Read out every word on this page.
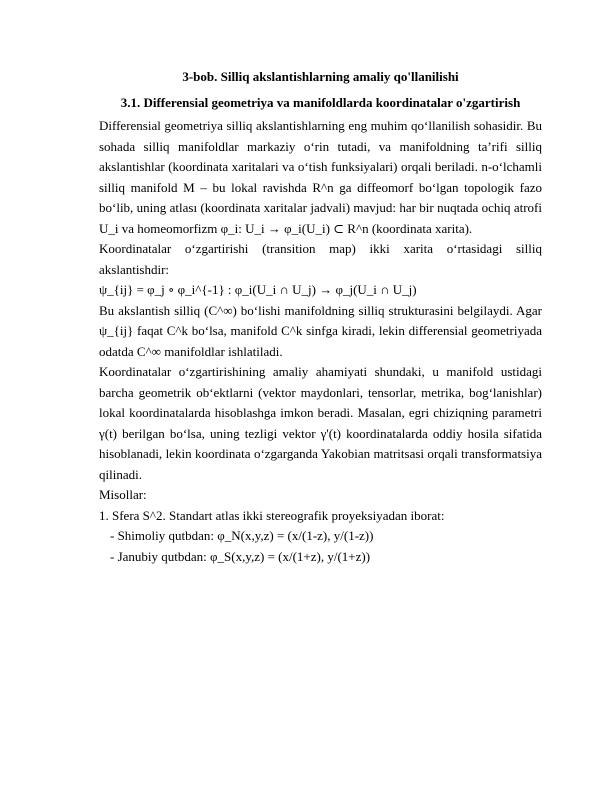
3-bob. Silliq akslantishlarning amaliy qo'llanilishi
3.1. Differensial geometriya va manifoldlarda koordinatalar o'zgartirish

Differensial geometriya silliq akslantishlarning eng muhim qo‘llanilish sohasidir. Bu sohada silliq manifoldlar markaziy o‘rin tutadi, va manifoldning ta’rifi silliq akslantishlar (koordinata xaritalari va o‘tish funksiyalari) orqali beriladi. n-o‘lchamli silliq manifold M – bu lokal ravishda R^n ga diffeomorf bo‘lgan topologik fazo bo‘lib, uning atlası (koordinata xaritalar jadvali) mavjud: har bir nuqtada ochiq atrofi U_i va homeomorfizm φ_i: U_i → φ_i(U_i) ⊂ R^n (koordinata xarita).

Koordinatalar o‘zgartirishi (transition map) ikki xarita o‘rtasidagi silliq akslantishdir:

ψ_{ij} = φ_j ∘ φ_i^{-1} : φ_i(U_i ∩ U_j) → φ_j(U_i ∩ U_j)

Bu akslantish silliq (C^∞) bo‘lishi manifoldning silliq strukturasini belgilaydi. Agar ψ_{ij} faqat C^k bo‘lsa, manifold C^k sinfga kiradi, lekin differensial geometriyada odatda C^∞ manifoldlar ishlatiladi.

Koordinatalar o‘zgartirishining amaliy ahamiyati shundaki, u manifold ustidagi barcha geometrik ob‘ektlarni (vektor maydonlari, tensorlar, metrika, bog‘lanishlar) lokal koordinatalarda hisoblashga imkon beradi. Masalan, egri chiziqning parametri γ(t) berilgan bo‘lsa, uning tezligi vektor γ'(t) koordinatalarda oddiy hosila sifatida hisoblanadi, lekin koordinata o‘zgarganda Yakobian matritsasi orqali transformatsiya qilinadi.

Misollar:

1. Sfera S^2. Standart atlas ikki stereografik proyeksiyadan iborat:

- Shimoliy qutbdan: φ_N(x,y,z) = (x/(1-z), y/(1-z))

- Janubiy qutbdan: φ_S(x,y,z) = (x/(1+z), y/(1+z))
